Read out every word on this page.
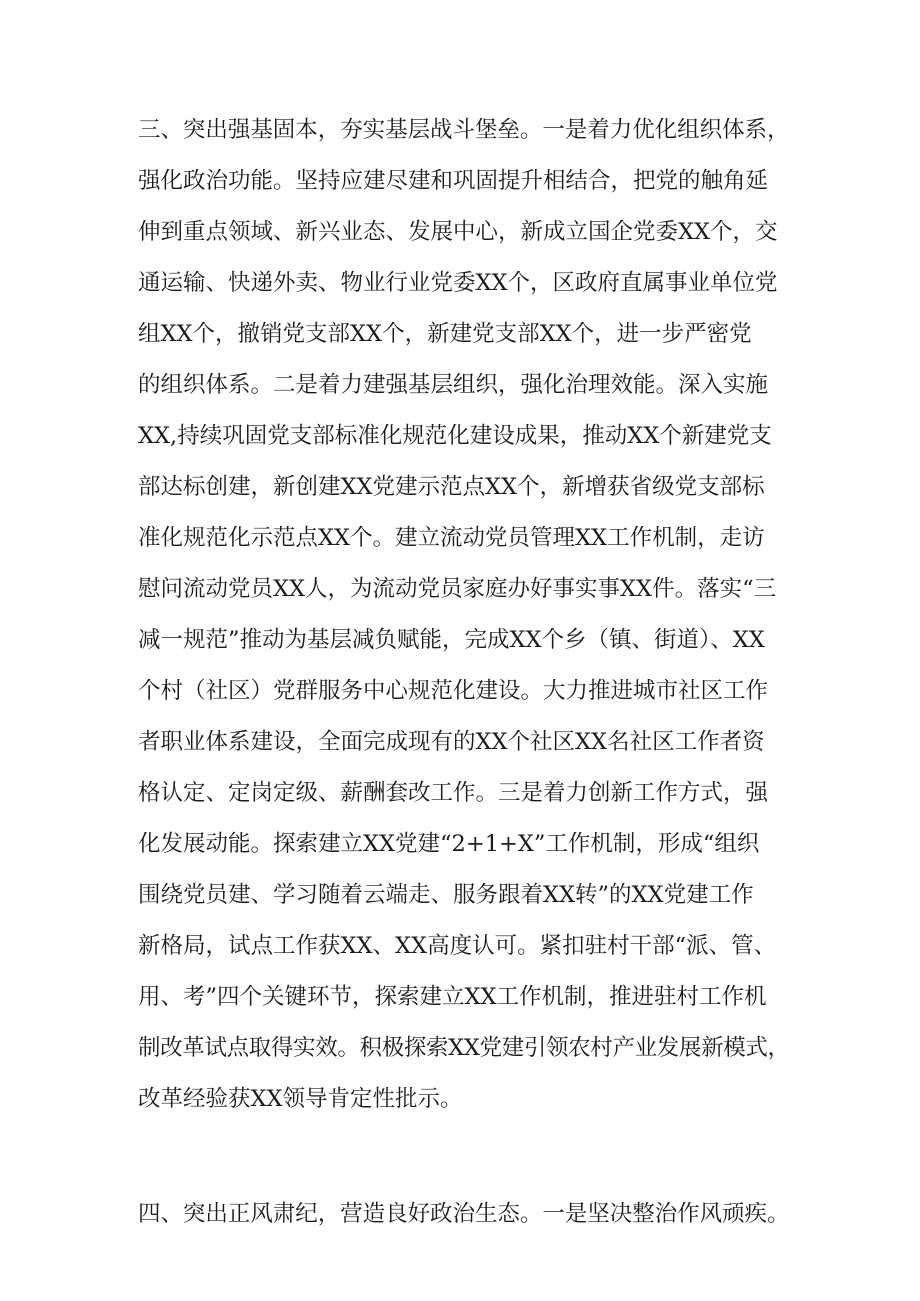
三、突出强基固本，夯实基层战斗堡垒。一是着力优化组织体系，
强化政治功能。坚持应建尽建和巩固提升相结合，把党的触角延
伸到重点领域、新兴业态、发展中心，新成立国企党委XX个，交
通运输、快递外卖、物业行业党委XX个，区政府直属事业单位党
组XX个，撤销党支部XX个，新建党支部XX个，进一步严密党
的组织体系。二是着力建强基层组织，强化治理效能。深入实施
XX,持续巩固党支部标准化规范化建设成果，推动XX个新建党支
部达标创建，新创建XX党建示范点XX个，新增获省级党支部标
准化规范化示范点XX个。建立流动党员管理XX工作机制，走访
慰问流动党员XX人，为流动党员家庭办好事实事XX件。落实“三
减一规范”推动为基层减负赋能，完成XX个乡（镇、街道）、XX
个村（社区）党群服务中心规范化建设。大力推进城市社区工作
者职业体系建设，全面完成现有的XX个社区XX名社区工作者资
格认定、定岗定级、薪酬套改工作。三是着力创新工作方式，强
化发展动能。探索建立XX党建“2+1+X”工作机制，形成“组织
围绕党员建、学习随着云端走、服务跟着XX转”的XX党建工作
新格局，试点工作获XX、XX高度认可。紧扣驻村干部“派、管、
用、考”四个关键环节，探索建立XX工作机制，推进驻村工作机
制改革试点取得实效。积极探索XX党建引领农村产业发展新模式，
改革经验获XX领导肯定性批示。
四、突出正风肃纪，营造良好政治生态。一是坚决整治作风顽疾。
